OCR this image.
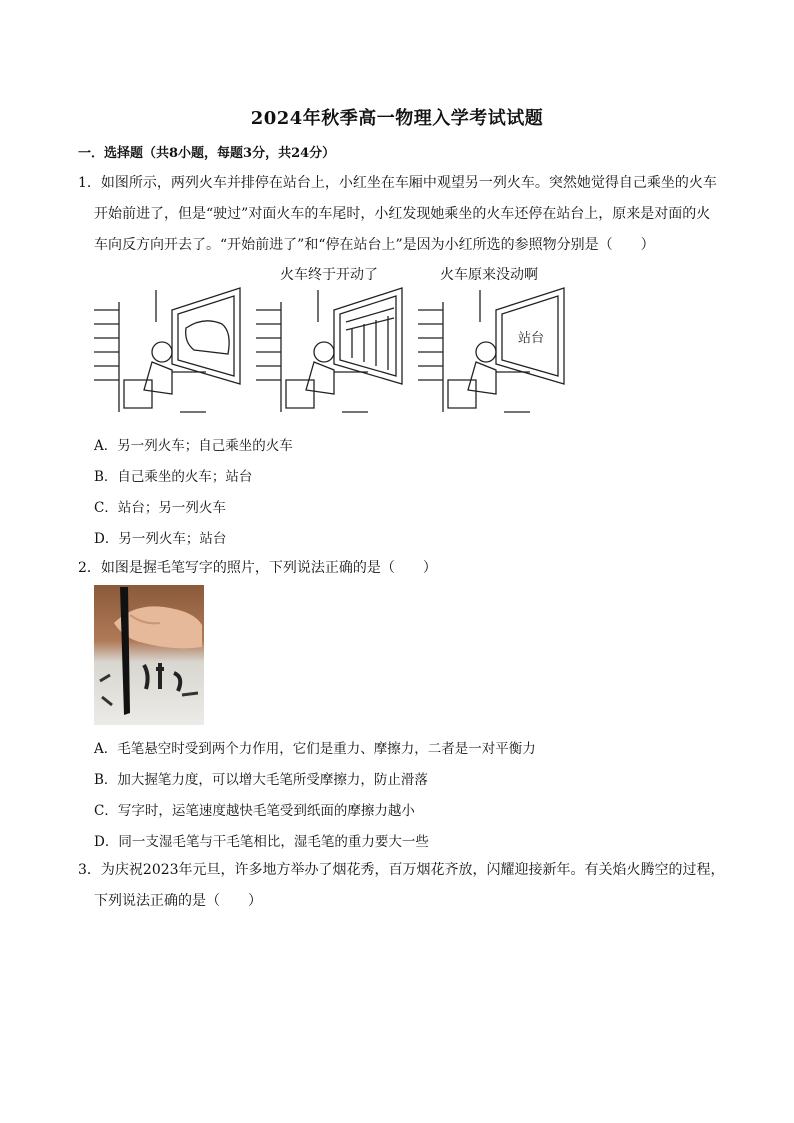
2024年秋季高一物理入学考试试题
一．选择题（共8小题，每题3分，共24分）
1．如图所示，两列火车并排停在站台上，小红坐在车厢中观望另一列火车。突然她觉得自己乘坐的火车
开始前进了，但是“驶过”对面火车的车尾时，小红发现她乘坐的火车还停在站台上，原来是对面的火
车向反方向开去了。“开始前进了”和“停在站台上”是因为小红所选的参照物分别是（　　）
火车终于开动了	火车原来没动啊
站台
A．另一列火车；自己乘坐的火车
B．自己乘坐的火车；站台
C．站台；另一列火车
D．另一列火车；站台
2．如图是握毛笔写字的照片，下列说法正确的是（　　）
A．毛笔悬空时受到两个力作用，它们是重力、摩擦力，二者是一对平衡力
B．加大握笔力度，可以增大毛笔所受摩擦力，防止滑落
C．写字时，运笔速度越快毛笔受到纸面的摩擦力越小
D．同一支湿毛笔与干毛笔相比，湿毛笔的重力要大一些
3．为庆祝2023年元旦，许多地方举办了烟花秀，百万烟花齐放，闪耀迎接新年。有关焰火腾空的过程，
下列说法正确的是（　　）
